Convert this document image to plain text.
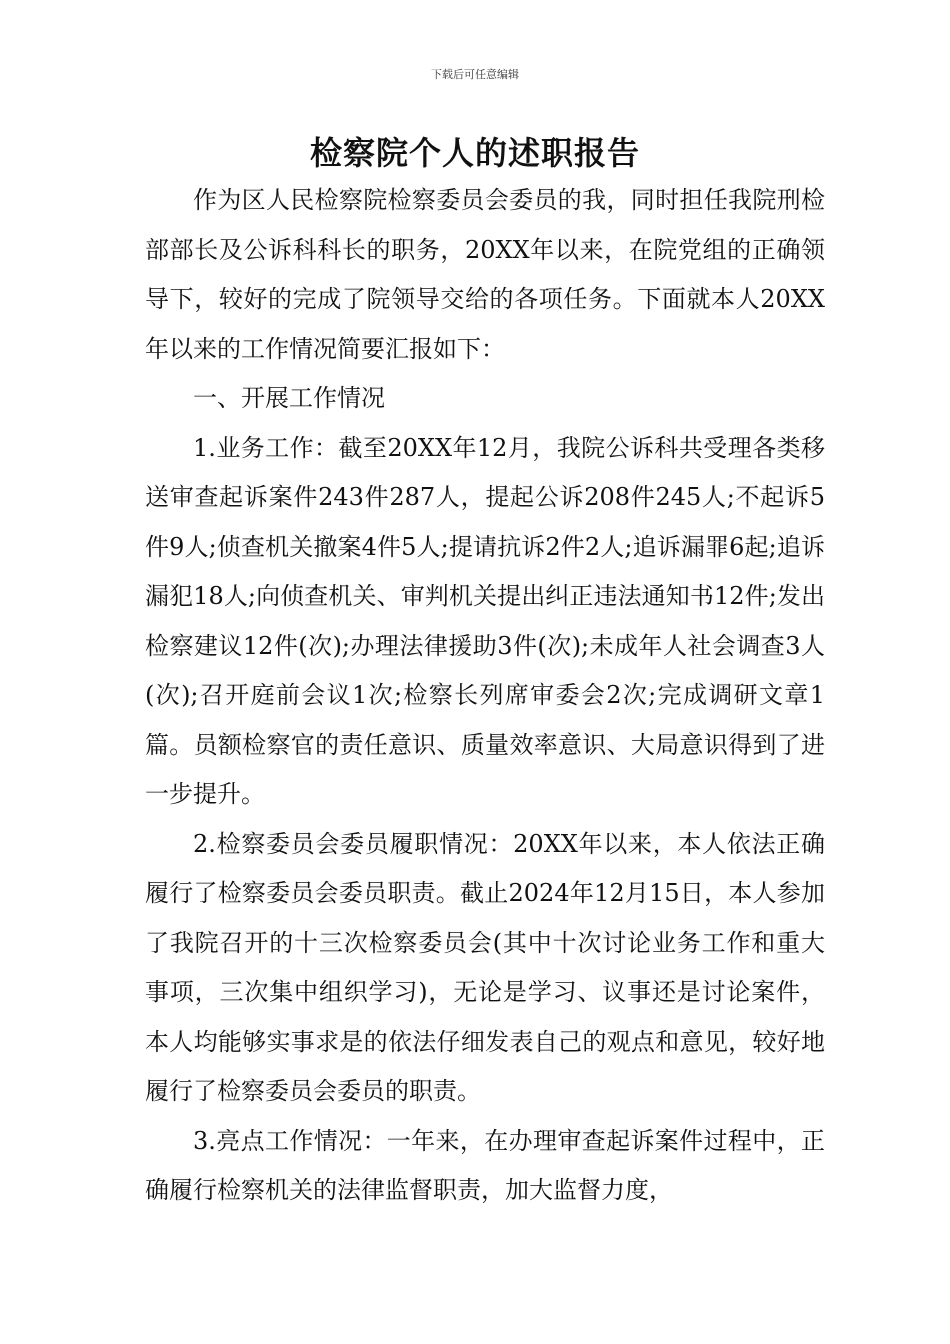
下载后可任意编辑
检察院个人的述职报告

作为区人民检察院检察委员会委员的我，同时担任我院刑检部部长及公诉科科长的职务，20XX年以来，在院党组的正确领导下，较好的完成了院领导交给的各项任务。下面就本人20XX年以来的工作情况简要汇报如下：

一、开展工作情况

1.业务工作：截至20XX年12月，我院公诉科共受理各类移送审查起诉案件243件287人，提起公诉208件245人;不起诉5件9人;侦查机关撤案4件5人;提请抗诉2件2人;追诉漏罪6起;追诉漏犯18人;向侦查机关、审判机关提出纠正违法通知书12件;发出检察建议12件(次);办理法律援助3件(次);未成年人社会调查3人(次);召开庭前会议1次;检察长列席审委会2次;完成调研文章1篇。员额检察官的责任意识、质量效率意识、大局意识得到了进一步提升。

2.检察委员会委员履职情况：20XX年以来，本人依法正确履行了检察委员会委员职责。截止2024年12月15日，本人参加了我院召开的十三次检察委员会(其中十次讨论业务工作和重大事项，三次集中组织学习)，无论是学习、议事还是讨论案件，本人均能够实事求是的依法仔细发表自己的观点和意见，较好地履行了检察委员会委员的职责。

3.亮点工作情况：一年来，在办理审查起诉案件过程中，正确履行检察机关的法律监督职责，加大监督力度，
